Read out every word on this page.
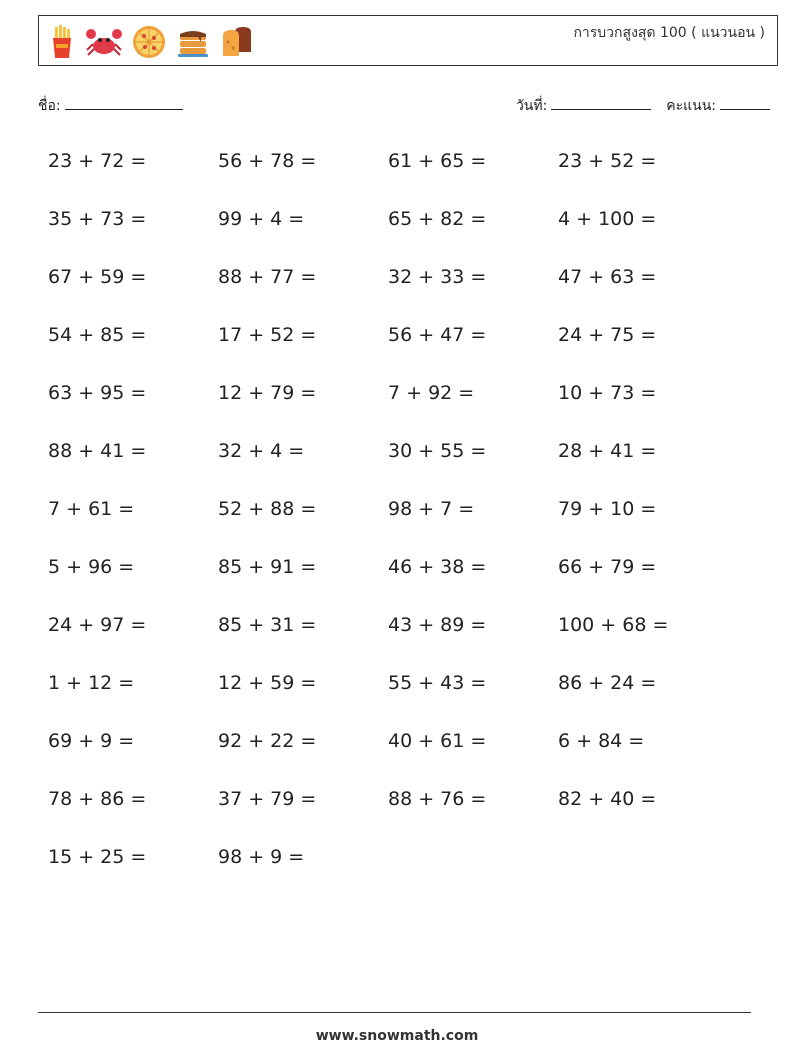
การบวกสูงสุด 100 ( แนวนอน )
ชื่อ:	วันที่:	คะแนน:
23 + 72 =	56 + 78 =	61 + 65 =	23 + 52 =
35 + 73 =	99 + 4 =	65 + 82 =	4 + 100 =
67 + 59 =	88 + 77 =	32 + 33 =	47 + 63 =
54 + 85 =	17 + 52 =	56 + 47 =	24 + 75 =
63 + 95 =	12 + 79 =	7 + 92 =	10 + 73 =
88 + 41 =	32 + 4 =	30 + 55 =	28 + 41 =
7 + 61 =	52 + 88 =	98 + 7 =	79 + 10 =
5 + 96 =	85 + 91 =	46 + 38 =	66 + 79 =
24 + 97 =	85 + 31 =	43 + 89 =	100 + 68 =
1 + 12 =	12 + 59 =	55 + 43 =	86 + 24 =
69 + 9 =	92 + 22 =	40 + 61 =	6 + 84 =
78 + 86 =	37 + 79 =	88 + 76 =	82 + 40 =
15 + 25 =	98 + 9 =
www.snowmath.com
